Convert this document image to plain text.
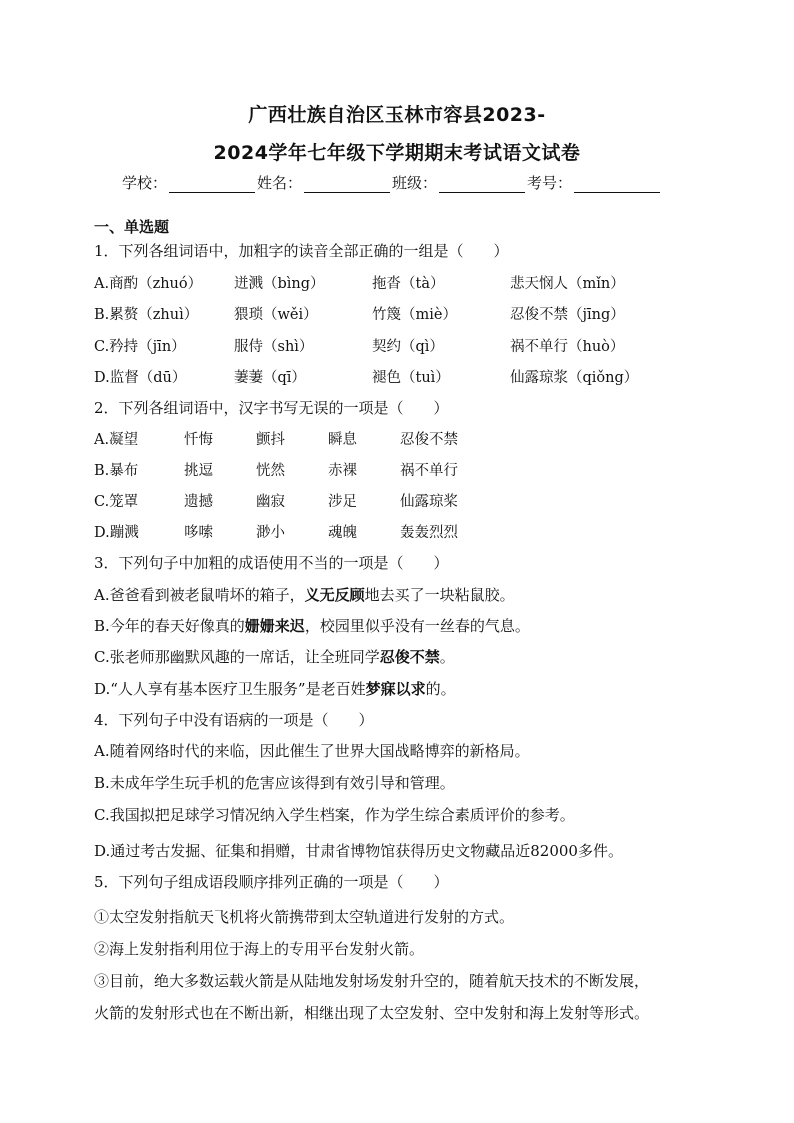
广西壮族自治区玉林市容县2023-
2024学年七年级下学期期末考试语文试卷
学校：	姓名：	班级：	考号：
一、单选题
1．下列各组词语中，加粗字的读音全部正确的一组是（　　）
A.商酌（zhuó） 迸溅（bìng）	拖沓（tà）	悲天悯人（mǐn）
B.累赘（zhuì） 猥琐（wěi）	竹篾（miè）	忍俊不禁（jīng）
C.矜持（jīn）	服侍（shì）	契约（qì）	祸不单行（huò）
D.监督（dū）	萋萋（qī）	褪色（tuì）	仙露琼浆（qiǒng）
2．下列各组词语中，汉字书写无误的一项是（　　）
A.凝望	忏悔	颤抖	瞬息	忍俊不禁
B.暴布	挑逗	恍然	赤裸	祸不单行
C.笼罩	遗撼	幽寂	涉足	仙露琼桨
D.蹦溅	哆嗦	渺小	魂魄	轰轰烈烈
3．下列句子中加粗的成语使用不当的一项是（　　）
A.爸爸看到被老鼠啃坏的箱子，义无反顾地去买了一块粘鼠胶。
B.今年的春天好像真的姗姗来迟，校园里似乎没有一丝春的气息。
C.张老师那幽默风趣的一席话，让全班同学忍俊不禁。
D.“人人享有基本医疗卫生服务”是老百姓梦寐以求的。
4．下列句子中没有语病的一项是（　　）
A.随着网络时代的来临，因此催生了世界大国战略博弈的新格局。
B.未成年学生玩手机的危害应该得到有效引导和管理。
C.我国拟把足球学习情况纳入学生档案，作为学生综合素质评价的参考。
D.通过考古发掘、征集和捐赠，甘肃省博物馆获得历史文物藏品近82000多件。
5．下列句子组成语段顺序排列正确的一项是（　　）
①太空发射指航天飞机将火箭携带到太空轨道进行发射的方式。
②海上发射指利用位于海上的专用平台发射火箭。
③目前，绝大多数运载火箭是从陆地发射场发射升空的，随着航天技术的不断发展，
火箭的发射形式也在不断出新，相继出现了太空发射、空中发射和海上发射等形式。
